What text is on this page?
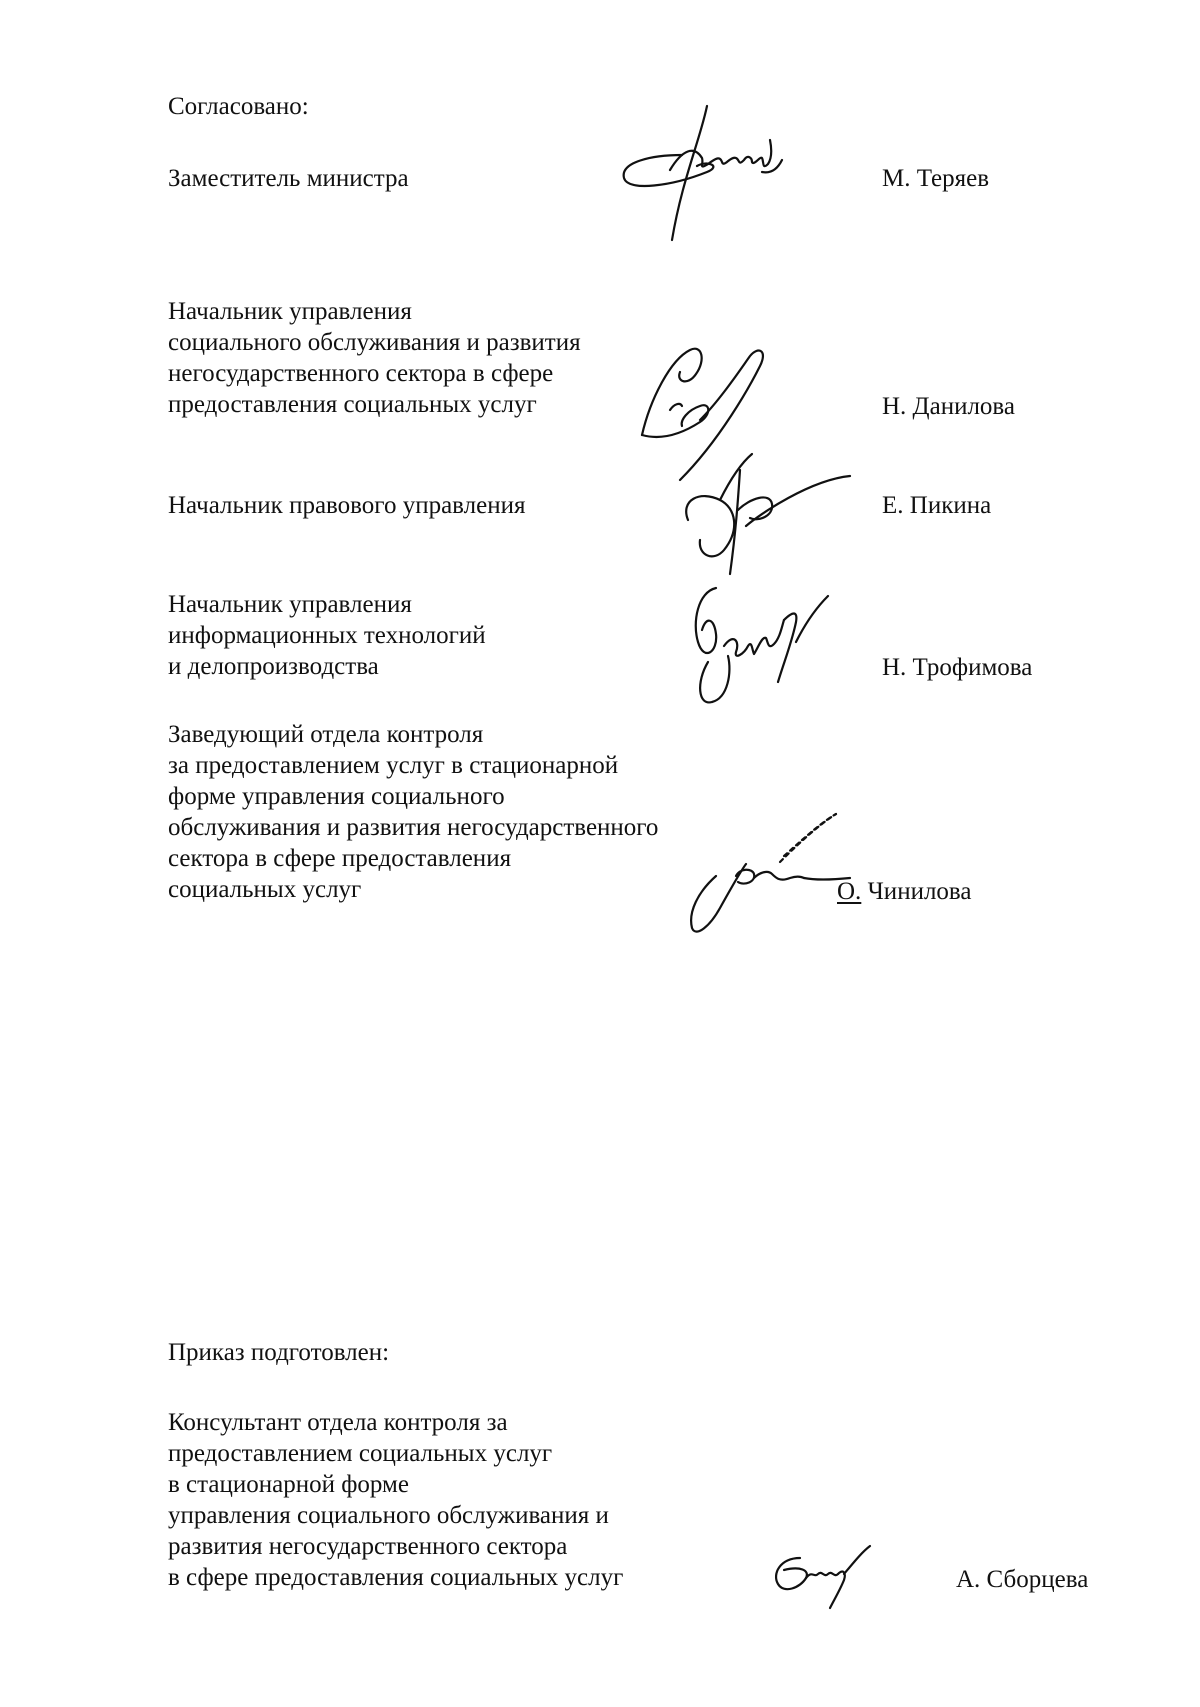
Согласовано:

Заместитель министра	М. Теряев
Начальник управления
социального обслуживания и развития
негосударственного сектора в сфере
предоставления социальных услуг	Н. Данилова
Начальник правового управления	Е. Пикина
Начальник управления
информационных технологий
и делопроизводства	Н. Трофимова
Заведующий отдела контроля
за предоставлением услуг в стационарной
форме управления социального
обслуживания и развития негосударственного
сектора в сфере предоставления
социальных услуг	О. Чинилова

Приказ подготовлен:

Консультант отдела контроля за
предоставлением социальных услуг
в стационарной форме
управления социального обслуживания и
развития негосударственного сектора
в сфере предоставления социальных услуг	А. Сборцева
